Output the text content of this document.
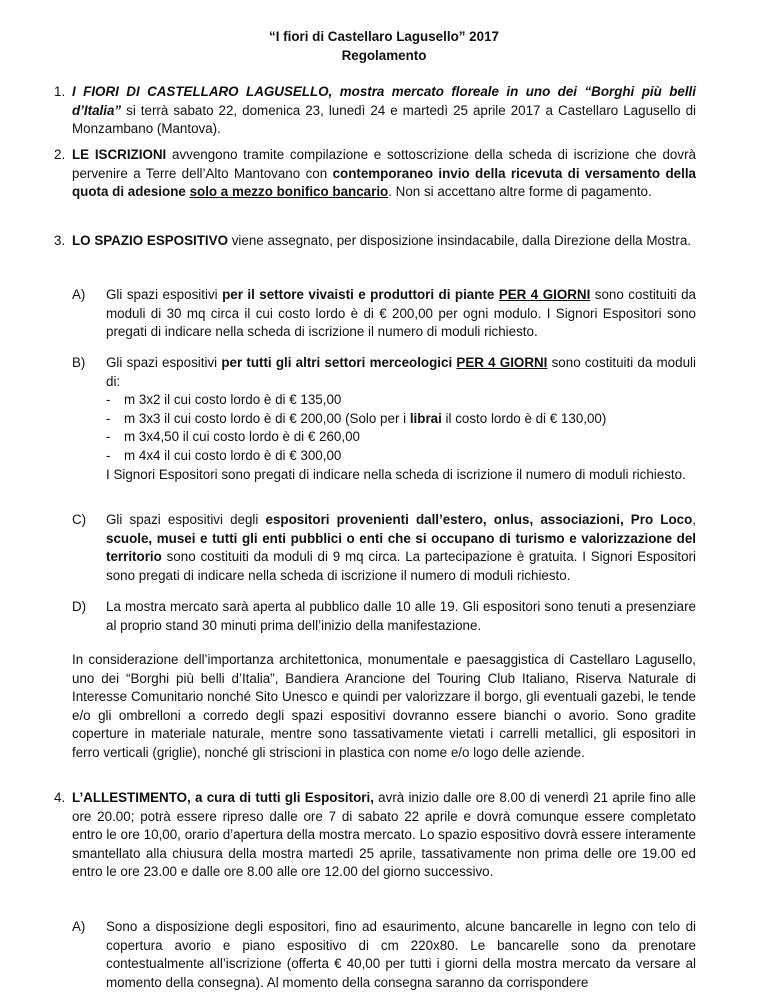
“I fiori di Castellaro Lagusello” 2017
Regolamento
1. I FIORI DI CASTELLARO LAGUSELLO, mostra mercato floreale in uno dei “Borghi più belli d’Italia” si terrà sabato 22, domenica 23, lunedì 24 e martedì 25 aprile 2017 a Castellaro Lagusello di Monzambano (Mantova).
2. LE ISCRIZIONI avvengono tramite compilazione e sottoscrizione della scheda di iscrizione che dovrà pervenire a Terre dell’Alto Mantovano con contemporaneo invio della ricevuta di versamento della quota di adesione solo a mezzo bonifico bancario. Non si accettano altre forme di pagamento.
3. LO SPAZIO ESPOSITIVO viene assegnato, per disposizione insindacabile, dalla Direzione della Mostra.
A) Gli spazi espositivi per il settore vivaisti e produttori di piante PER 4 GIORNI sono costituiti da moduli di 30 mq circa il cui costo lordo è di € 200,00 per ogni modulo. I Signori Espositori sono pregati di indicare nella scheda di iscrizione il numero di moduli richiesto.
B) Gli spazi espositivi per tutti gli altri settori merceologici PER 4 GIORNI sono costituiti da moduli di:
- m 3x2 il cui costo lordo è di € 135,00
- m 3x3 il cui costo lordo è di € 200,00 (Solo per i librai il costo lordo è di € 130,00)
- m 3x4,50 il cui costo lordo è di € 260,00
- m 4x4 il cui costo lordo è di € 300,00
I Signori Espositori sono pregati di indicare nella scheda di iscrizione il numero di moduli richiesto.
C) Gli spazi espositivi degli espositori provenienti dall’estero, onlus, associazioni, Pro Loco, scuole, musei e tutti gli enti pubblici o enti che si occupano di turismo e valorizzazione del territorio sono costituiti da moduli di 9 mq circa. La partecipazione è gratuita. I Signori Espositori sono pregati di indicare nella scheda di iscrizione il numero di moduli richiesto.
D) La mostra mercato sarà aperta al pubblico dalle 10 alle 19. Gli espositori sono tenuti a presenziare al proprio stand 30 minuti prima dell’inizio della manifestazione.
In considerazione dell’importanza architettonica, monumentale e paesaggistica di Castellaro Lagusello, uno dei “Borghi più belli d’Italia”, Bandiera Arancione del Touring Club Italiano, Riserva Naturale di Interesse Comunitario nonché Sito Unesco e quindi per valorizzare il borgo, gli eventuali gazebi, le tende e/o gli ombrelloni a corredo degli spazi espositivi dovranno essere bianchi o avorio. Sono gradite coperture in materiale naturale, mentre sono tassativamente vietati i carrelli metallici, gli espositori in ferro verticali (griglie), nonché gli striscioni in plastica con nome e/o logo delle aziende.
4. L’ALLESTIMENTO, a cura di tutti gli Espositori, avrà inizio dalle ore 8.00 di venerdì 21 aprile fino alle ore 20.00; potrà essere ripreso dalle ore 7 di sabato 22 aprile e dovrà comunque essere completato entro le ore 10,00, orario d’apertura della mostra mercato. Lo spazio espositivo dovrà essere interamente smantellato alla chiusura della mostra martedì 25 aprile, tassativamente non prima delle ore 19.00 ed entro le ore 23.00 e dalle ore 8.00 alle ore 12.00 del giorno successivo.
A) Sono a disposizione degli espositori, fino ad esaurimento, alcune bancarelle in legno con telo di copertura avorio e piano espositivo di cm 220x80. Le bancarelle sono da prenotare contestualmente all’iscrizione (offerta € 40,00 per tutti i giorni della mostra mercato da versare al momento della consegna). Al momento della consegna saranno da corrispondere
